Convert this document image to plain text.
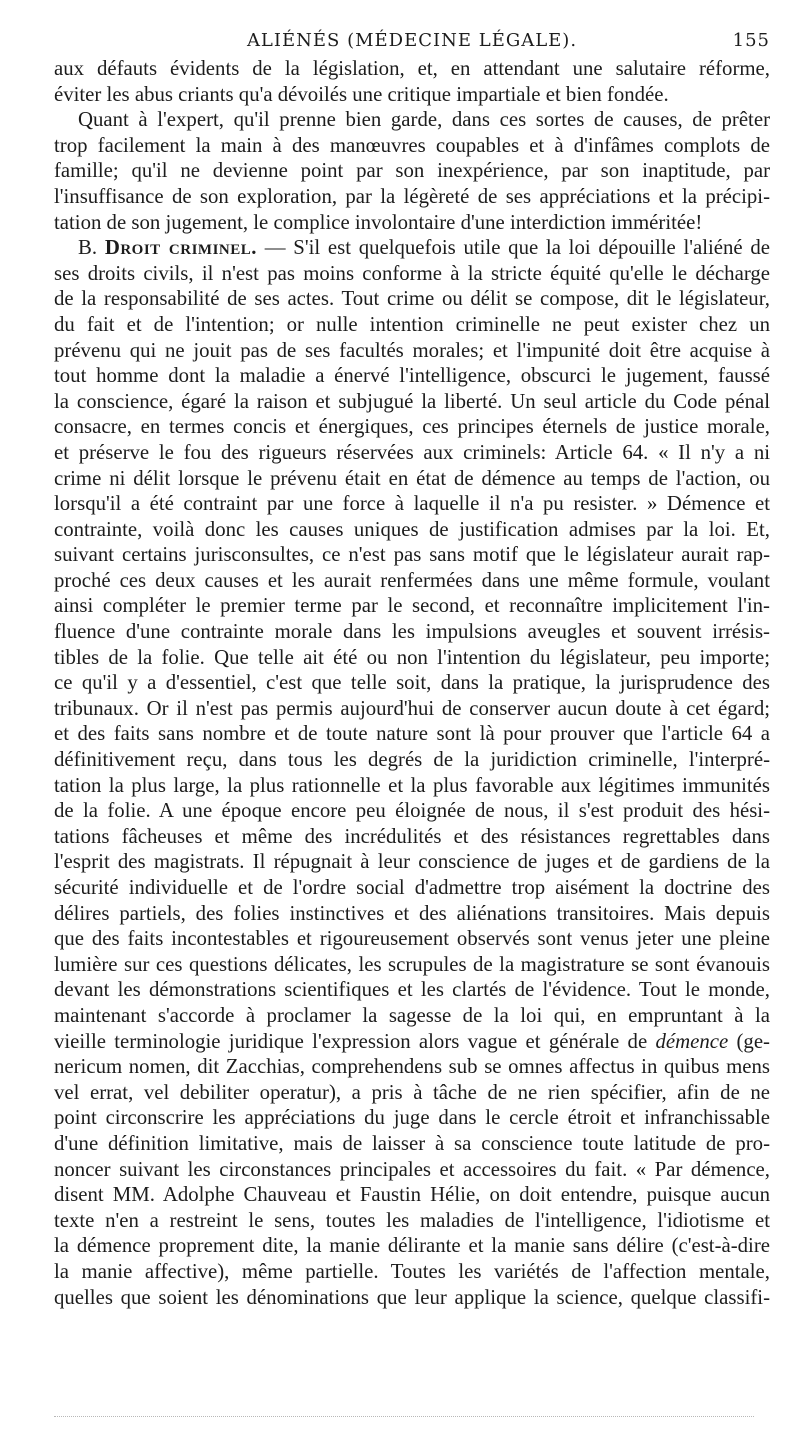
ALIÉNÉS (MÉDECINE LÉGALE).	155
aux défauts évidents de la législation, et, en attendant une salutaire réforme,
éviter les abus criants qu'a dévoilés une critique impartiale et bien fondée.
Quant à l'expert, qu'il prenne bien garde, dans ces sortes de causes, de prêter
trop facilement la main à des manœuvres coupables et à d'infâmes complots de
famille; qu'il ne devienne point par son inexpérience, par son inaptitude, par
l'insuffisance de son exploration, par la légèreté de ses appréciations et la précipi-
tation de son jugement, le complice involontaire d'une interdiction imméritée!
B. Droit criminel. — S'il est quelquefois utile que la loi dépouille l'aliéné de
ses droits civils, il n'est pas moins conforme à la stricte équité qu'elle le décharge
de la responsabilité de ses actes. Tout crime ou délit se compose, dit le législateur,
du fait et de l'intention; or nulle intention criminelle ne peut exister chez un
prévenu qui ne jouit pas de ses facultés morales; et l'impunité doit être acquise à
tout homme dont la maladie a énervé l'intelligence, obscurci le jugement, faussé
la conscience, égaré la raison et subjugué la liberté. Un seul article du Code pénal
consacre, en termes concis et énergiques, ces principes éternels de justice morale,
et préserve le fou des rigueurs réservées aux criminels: Article 64. « Il n'y a ni
crime ni délit lorsque le prévenu était en état de démence au temps de l'action, ou
lorsqu'il a été contraint par une force à laquelle il n'a pu resister. » Démence et
contrainte, voilà donc les causes uniques de justification admises par la loi. Et,
suivant certains jurisconsultes, ce n'est pas sans motif que le législateur aurait rap-
proché ces deux causes et les aurait renfermées dans une même formule, voulant
ainsi compléter le premier terme par le second, et reconnaître implicitement l'in-
fluence d'une contrainte morale dans les impulsions aveugles et souvent irrésis-
tibles de la folie. Que telle ait été ou non l'intention du législateur, peu importe;
ce qu'il y a d'essentiel, c'est que telle soit, dans la pratique, la jurisprudence des
tribunaux. Or il n'est pas permis aujourd'hui de conserver aucun doute à cet égard;
et des faits sans nombre et de toute nature sont là pour prouver que l'article 64 a
définitivement reçu, dans tous les degrés de la juridiction criminelle, l'interpré-
tation la plus large, la plus rationnelle et la plus favorable aux légitimes immunités
de la folie. A une époque encore peu éloignée de nous, il s'est produit des hési-
tations fâcheuses et même des incrédulités et des résistances regrettables dans
l'esprit des magistrats. Il répugnait à leur conscience de juges et de gardiens de la
sécurité individuelle et de l'ordre social d'admettre trop aisément la doctrine des
délires partiels, des folies instinctives et des aliénations transitoires. Mais depuis
que des faits incontestables et rigoureusement observés sont venus jeter une pleine
lumière sur ces questions délicates, les scrupules de la magistrature se sont évanouis
devant les démonstrations scientifiques et les clartés de l'évidence. Tout le monde,
maintenant s'accorde à proclamer la sagesse de la loi qui, en empruntant à la
vieille terminologie juridique l'expression alors vague et générale de démence (ge-
nericum nomen, dit Zacchias, comprehendens sub se omnes affectus in quibus mens
vel errat, vel debiliter operatur), a pris à tâche de ne rien spécifier, afin de ne
point circonscrire les appréciations du juge dans le cercle étroit et infranchissable
d'une définition limitative, mais de laisser à sa conscience toute latitude de pro-
noncer suivant les circonstances principales et accessoires du fait. « Par démence,
disent MM. Adolphe Chauveau et Faustin Hélie, on doit entendre, puisque aucun
texte n'en a restreint le sens, toutes les maladies de l'intelligence, l'idiotisme et
la démence proprement dite, la manie délirante et la manie sans délire (c'est-à-dire
la manie affective), même partielle. Toutes les variétés de l'affection mentale,
quelles que soient les dénominations que leur applique la science, quelque classifi-
